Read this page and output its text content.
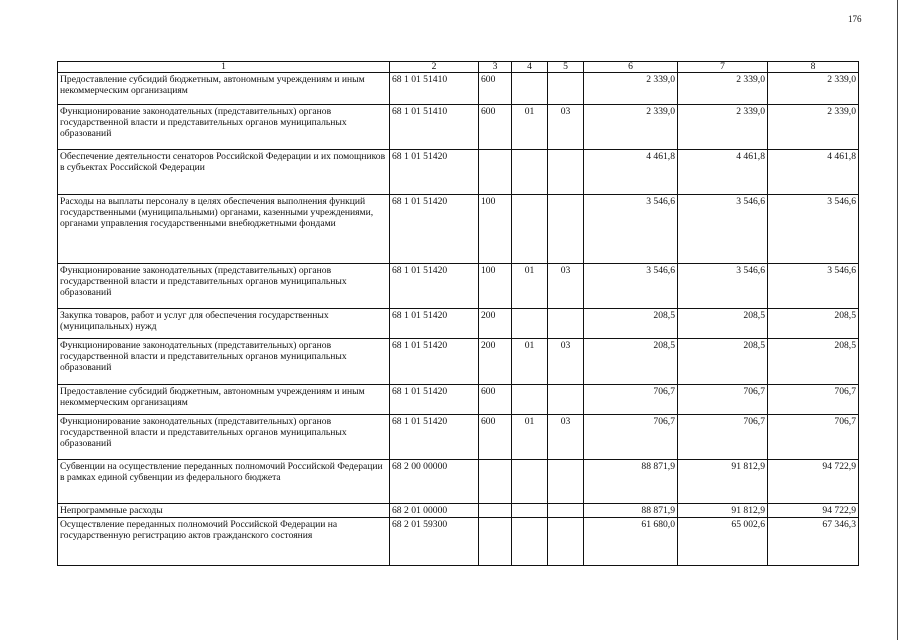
176
1	2	3	4	5	6	7	8
Предоставление субсидий бюджетным, автономным учреждениям и иным некоммерческим организациям	68 1 01 51410	600			2 339,0	2 339,0	2 339,0
Функционирование законодательных (представительных) органов государственной власти и представительных органов муниципальных образований	68 1 01 51410	600	01	03	2 339,0	2 339,0	2 339,0
Обеспечение деятельности сенаторов Российской Федерации и их помощников в субъектах Российской Федерации	68 1 01 51420				4 461,8	4 461,8	4 461,8
Расходы на выплаты персоналу в целях обеспечения выполнения функций государственными (муниципальными) органами, казенными учреждениями, органами управления государственными внебюджетными фондами	68 1 01 51420	100			3 546,6	3 546,6	3 546,6
Функционирование законодательных (представительных) органов государственной власти и представительных органов муниципальных образований	68 1 01 51420	100	01	03	3 546,6	3 546,6	3 546,6
Закупка товаров, работ и услуг для обеспечения государственных (муниципальных) нужд	68 1 01 51420	200			208,5	208,5	208,5
Функционирование законодательных (представительных) органов государственной власти и представительных органов муниципальных образований	68 1 01 51420	200	01	03	208,5	208,5	208,5
Предоставление субсидий бюджетным, автономным учреждениям и иным некоммерческим организациям	68 1 01 51420	600			706,7	706,7	706,7
Функционирование законодательных (представительных) органов государственной власти и представительных органов муниципальных образований	68 1 01 51420	600	01	03	706,7	706,7	706,7
Субвенции на осуществление переданных полномочий Российской Федерации в рамках единой субвенции из федерального бюджета	68 2 00 00000				88 871,9	91 812,9	94 722,9
Непрограммные расходы	68 2 01 00000				88 871,9	91 812,9	94 722,9
Осуществление переданных полномочий Российской Федерации на государственную регистрацию актов гражданского состояния	68 2 01 59300				61 680,0	65 002,6	67 346,3
